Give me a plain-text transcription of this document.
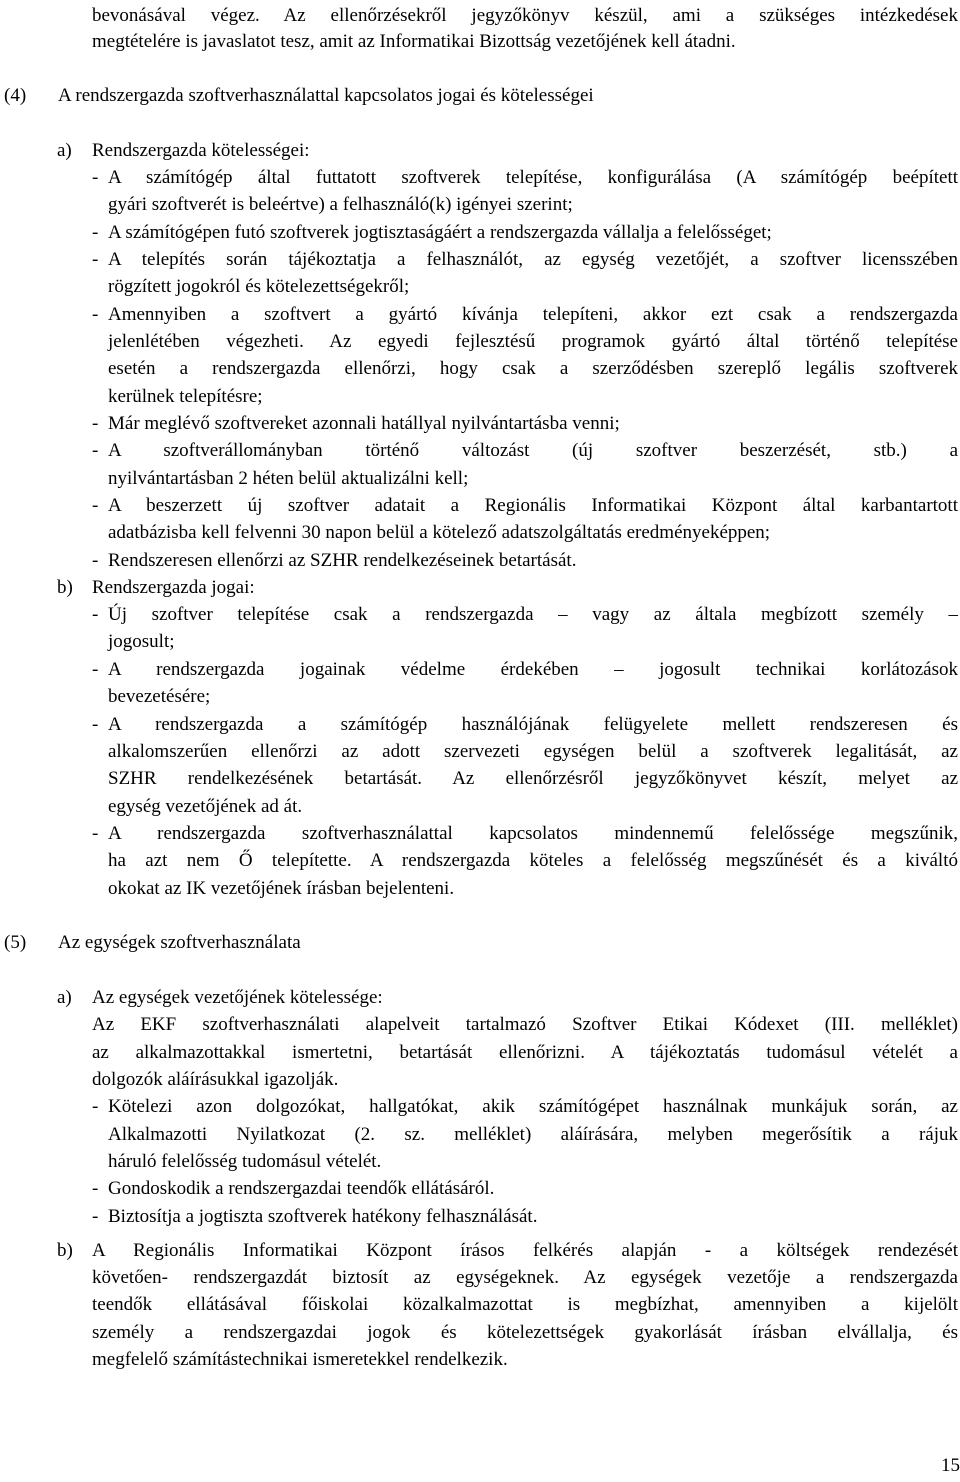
bevonásával végez. Az ellenőrzésekről jegyzőkönyv készül, ami a szükséges intézkedések
megtételére is javaslatot tesz, amit az Informatikai Bizottság vezetőjének kell átadni.
(4) A rendszergazda szoftverhasználattal kapcsolatos jogai és kötelességei
a) Rendszergazda kötelességei:
- A számítógép által futtatott szoftverek telepítése, konfigurálása (A számítógép beépített
gyári szoftverét is beleértve) a felhasználó(k) igényei szerint;
- A számítógépen futó szoftverek jogtisztaságáért a rendszergazda vállalja a felelősséget;
- A telepítés során tájékoztatja a felhasználót, az egység vezetőjét, a szoftver licensszében
rögzített jogokról és kötelezettségekről;
- Amennyiben a szoftvert a gyártó kívánja telepíteni, akkor ezt csak a rendszergazda
jelenlétében végezheti. Az egyedi fejlesztésű programok gyártó által történő telepítése
esetén a rendszergazda ellenőrzi, hogy csak a szerződésben szereplő legális szoftverek
kerülnek telepítésre;
- Már meglévő szoftvereket azonnali hatállyal nyilvántartásba venni;
- A szoftverállományban történő változást (új szoftver beszerzését, stb.) a
nyilvántartásban 2 héten belül aktualizálni kell;
- A beszerzett új szoftver adatait a Regionális Informatikai Központ által karbantartott
adatbázisba kell felvenni 30 napon belül a kötelező adatszolgáltatás eredményeképpen;
- Rendszeresen ellenőrzi az SZHR rendelkezéseinek betartását.
b) Rendszergazda jogai:
- Új szoftver telepítése csak a rendszergazda – vagy az általa megbízott személy –
jogosult;
- A rendszergazda jogainak védelme érdekében – jogosult technikai korlátozások
bevezetésére;
- A rendszergazda a számítógép használójának felügyelete mellett rendszeresen és
alkalomszerűen ellenőrzi az adott szervezeti egységen belül a szoftverek legalitását, az
SZHR rendelkezésének betartását. Az ellenőrzésről jegyzőkönyvet készít, melyet az
egység vezetőjének ad át.
- A rendszergazda szoftverhasználattal kapcsolatos mindennemű felelőssége megszűnik,
ha azt nem Ő telepítette. A rendszergazda köteles a felelősség megszűnését és a kiváltó
okokat az IK vezetőjének írásban bejelenteni.
(5) Az egységek szoftverhasználata
a) Az egységek vezetőjének kötelessége:
Az EKF szoftverhasználati alapelveit tartalmazó Szoftver Etikai Kódexet (III. melléklet)
az alkalmazottakkal ismertetni, betartását ellenőrizni. A tájékoztatás tudomásul vételét a
dolgozók aláírásukkal igazolják.
- Kötelezi azon dolgozókat, hallgatókat, akik számítógépet használnak munkájuk során, az
Alkalmazotti Nyilatkozat (2. sz. melléklet) aláírására, melyben megerősítik a rájuk
háruló felelősség tudomásul vételét.
- Gondoskodik a rendszergazdai teendők ellátásáról.
- Biztosítja a jogtiszta szoftverek hatékony felhasználását.
b) A Regionális Informatikai Központ írásos felkérés alapján - a költségek rendezését
követően- rendszergazdát biztosít az egységeknek. Az egységek vezetője a rendszergazda
teendők ellátásával főiskolai közalkalmazottat is megbízhat, amennyiben a kijelölt
személy a rendszergazdai jogok és kötelezettségek gyakorlását írásban elvállalja, és
megfelelő számítástechnikai ismeretekkel rendelkezik.
15
